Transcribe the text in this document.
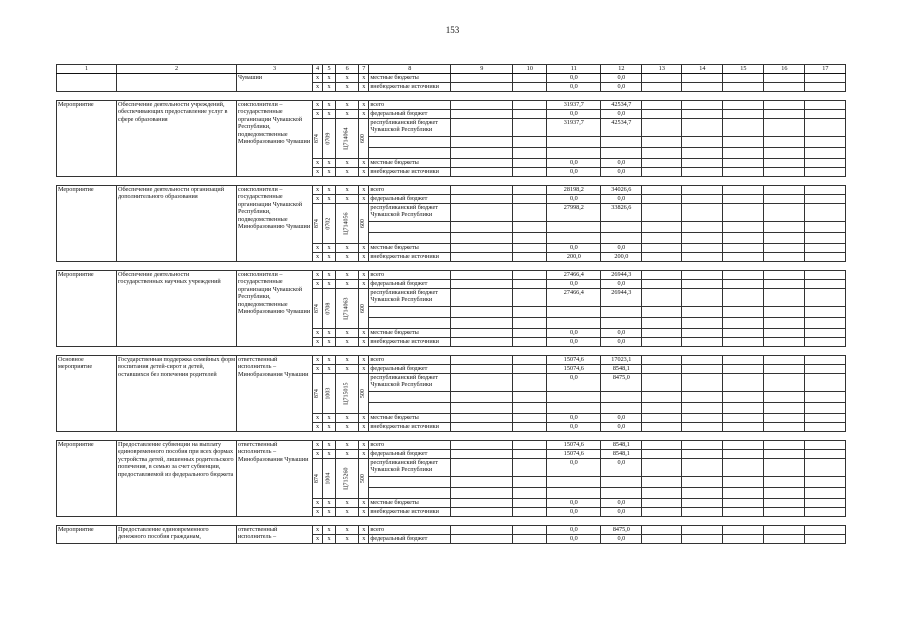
153
1	2	3	4	5	6	7	8	9	10	11	12	13	14	15	16	17
		Чувашии	x	x	x	x	местные бюджеты			0,0	0,0					
			x	x	x	x	внебюджетные источники			0,0	0,0					

Мероприятие	Обеспечение деятельности учреждений, обеспечивающих предоставление услуг в сфере образования	соисполнители – государственные организации Чувашской Республики, подведомственные Минобразованию Чувашии	x	x	x	x	всего			31937,7	42534,7					
			x	x	x	x	федеральный бюджет			0,0	0,0					
			874	0709	Ц714064	600	республиканский бюджет Чувашской Республики			31937,7	42534,7					

			x	x	x	x	местные бюджеты			0,0	0,0					
			x	x	x	x	внебюджетные источники			0,0	0,0					

Мероприятие	Обеспечение деятельности организаций дополнительного образования	соисполнители – государственные организации Чувашской Республики, подведомственные Минобразованию Чувашии	x	x	x	x	всего			28198,2	34026,6					
			x	x	x	x	федеральный бюджет			0,0	0,0					
			874	0702	Ц714056	600	республиканский бюджет Чувашской Республики			27998,2	33826,6					

			x	x	x	x	местные бюджеты			0,0	0,0					
			x	x	x	x	внебюджетные источники			200,0	200,0					

Мероприятие	Обеспечение деятельности государственных научных учреждений	соисполнители – государственные организации Чувашской Республики, подведомственные Минобразованию Чувашии	x	x	x	x	всего			27466,4	26944,3					
			x	x	x	x	федеральный бюджет			0,0	0,0					
			874	0708	Ц714063	600	республиканский бюджет Чувашской Республики			27466,4	26944,3					

			x	x	x	x	местные бюджеты			0,0	0,0					
			x	x	x	x	внебюджетные источники			0,0	0,0					

Основное мероприятие	Государственная поддержка семейных форм воспитания детей-сирот и детей, оставшихся без попечения родителей	ответственный исполнитель – Минобразования Чувашии	x	x	x	x	всего			15074,6	17023,1					
			x	x	x	x	федеральный бюджет			15074,6	8548,1					
			874	1003	Ц715015	500	республиканский бюджет Чувашской Республики			0,0	8475,0					

			x	x	x	x	местные бюджеты			0,0	0,0					
			x	x	x	x	внебюджетные источники			0,0	0,0					

Мероприятие	Предоставление субвенции на выплату единовременного пособия при всех формах устройства детей, лишенных родительского попечения, в семью за счет субвенции, предоставляемой из федерального бюджета	ответственный исполнитель – Минобразования Чувашии	x	x	x	x	всего			15074,6	8548,1					
			x	x	x	x	федеральный бюджет			15074,6	8548,1					
			874	1004	Ц715260	500	республиканский бюджет Чувашской Республики			0,0	0,0					

			x	x	x	x	местные бюджеты			0,0	0,0					
			x	x	x	x	внебюджетные источники			0,0	0,0					

Мероприятие	Предоставление единовременного денежного пособия гражданам,	ответственный исполнитель –	x	x	x	x	всего			0,0	8475,0					
			x	x	x	x	федеральный бюджет			0,0	0,0					
